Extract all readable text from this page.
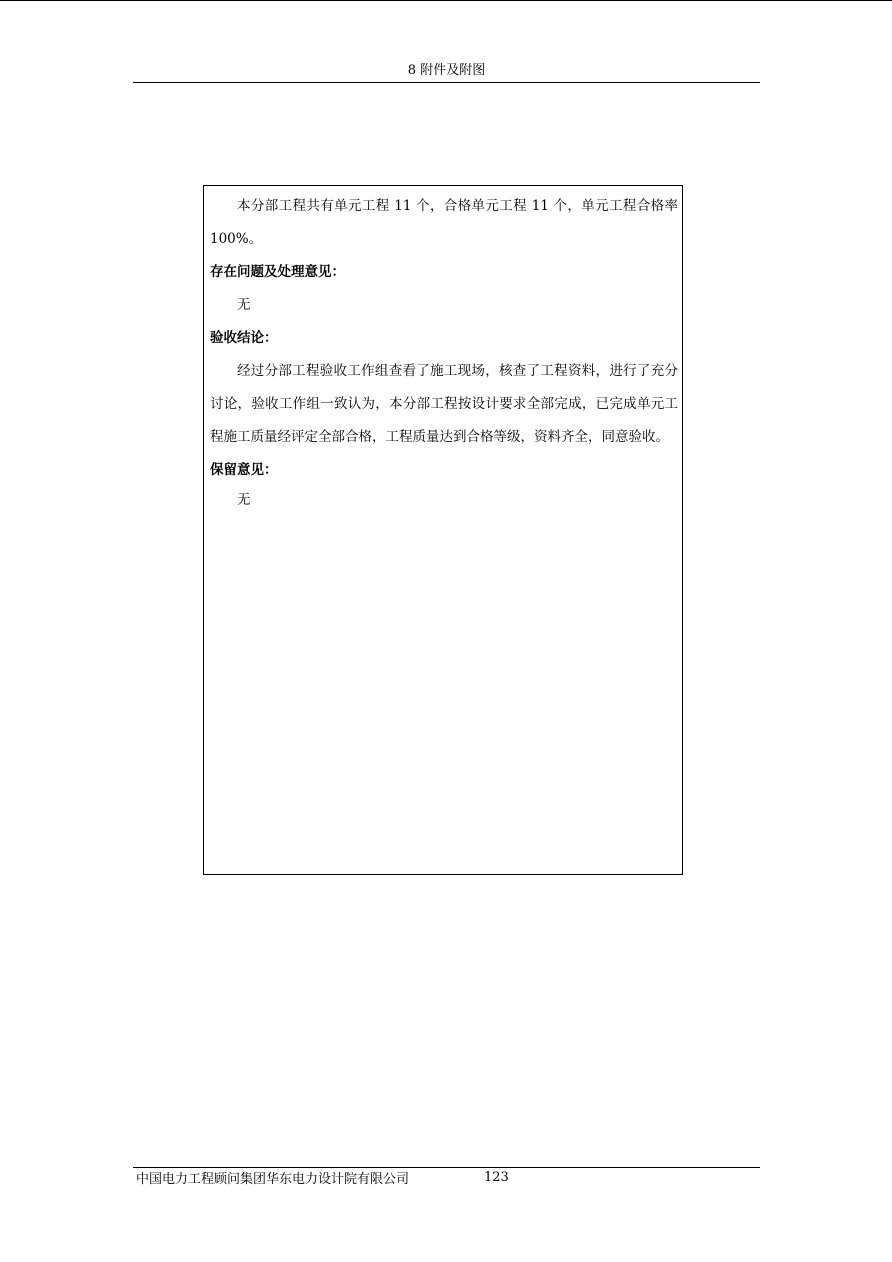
8 附件及附图

本分部工程共有单元工程 11 个，合格单元工程 11 个，单元工程合格率 100%。

存在问题及处理意见：

无

验收结论：

经过分部工程验收工作组查看了施工现场，核查了工程资料，进行了充分讨论，验收工作组一致认为，本分部工程按设计要求全部完成，已完成单元工程施工质量经评定全部合格，工程质量达到合格等级，资料齐全，同意验收。

保留意见：

无

中国电力工程顾问集团华东电力设计院有限公司	123
